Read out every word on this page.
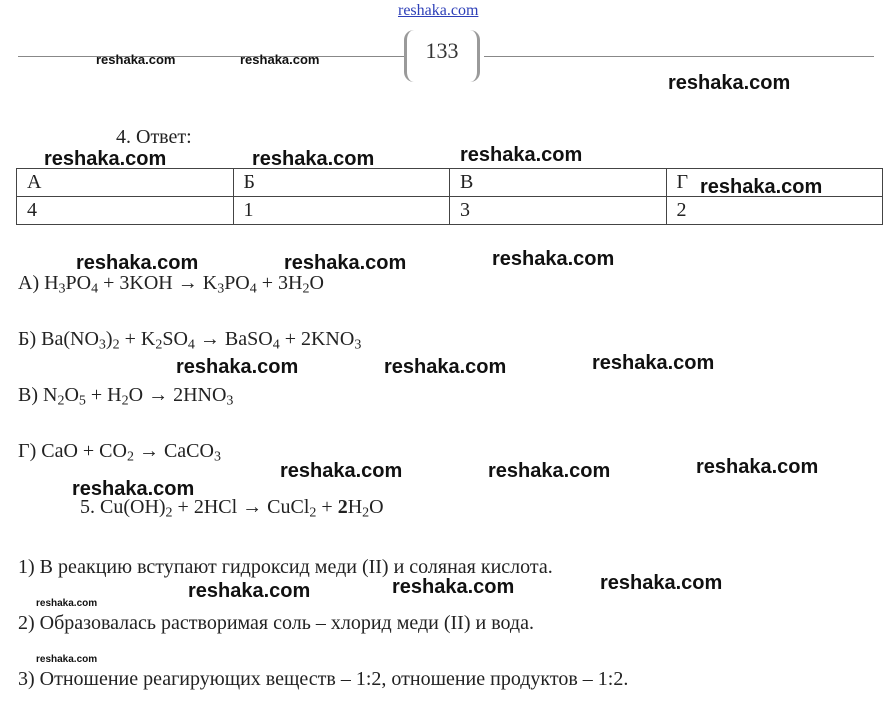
reshaka.com
133
reshaka.com	reshaka.com
reshaka.com
4. Ответ:
А	Б	В	Г
4	1	3	2
reshaka.com	reshaka.com	reshaka.com
reshaka.com
reshaka.com	reshaka.com	reshaka.com
А) $H_3PO_4 + 3KOH \to K_3PO_4 + 3H_2O$
Б) $Ba(NO_3)_2 + K_2SO_4$ → BaSO$_4$ + $2KNO_3$
reshaka.com	reshaka.com	reshaka.com
В) $N_2O_5 + H_2O \to 2HNO_3$
Г) CaO + $CO_2$ → CaCO$_3$
reshaka.com	reshaka.com	reshaka.com
reshaka.com
5. $Cu(OH)_2 + 2HCl$ → CuCl$_2$ + $2H_2O$
1) В реакцию вступают гидроксид меди (II) и соляная кислота.
reshaka.com	reshaka.com	reshaka.com
reshaka.com
2) Образовалась растворимая соль – хлорид меди (II) и вода.
reshaka.com
3) Отношение реагирующих веществ – 1:2, отношение продуктов – 1:2.
